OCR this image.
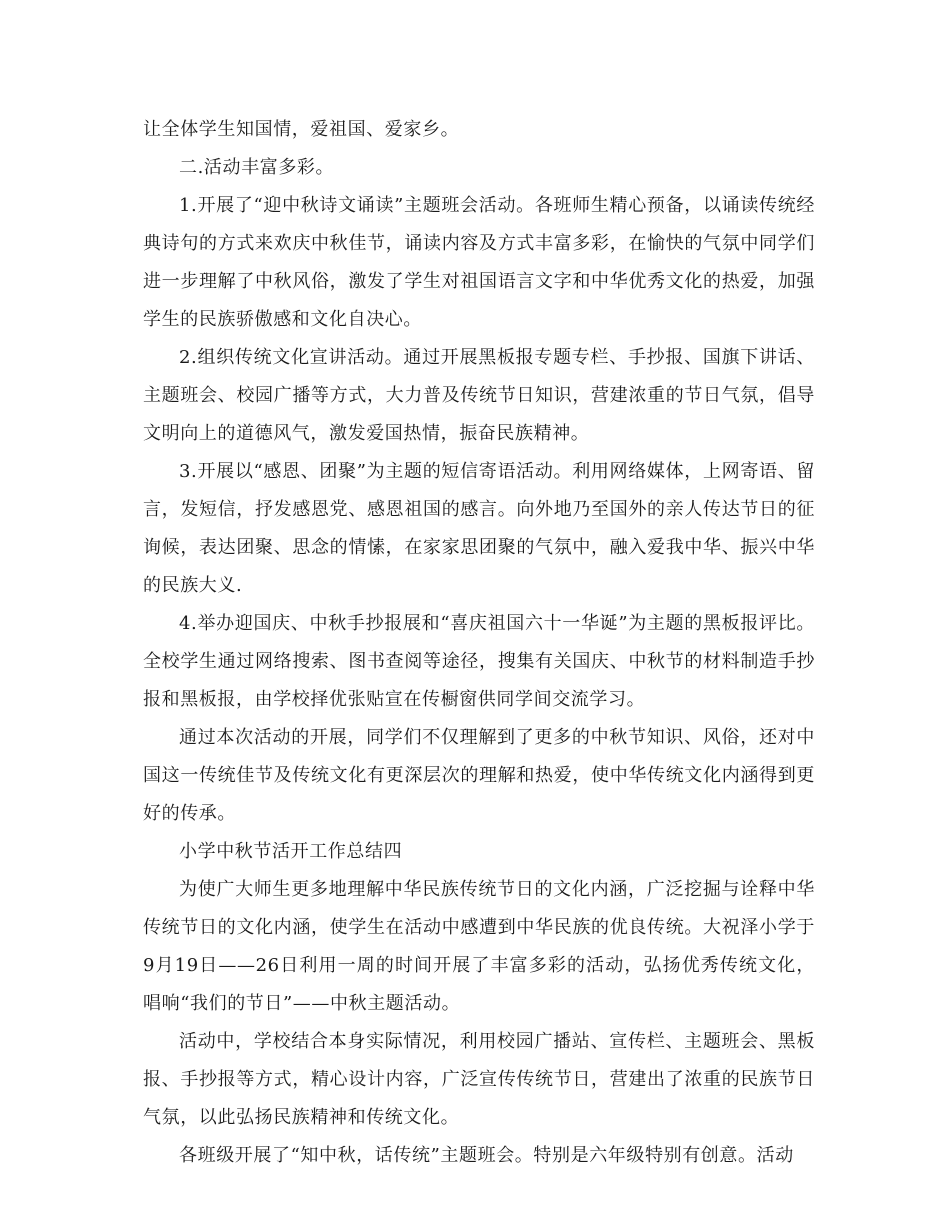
让全体学生知国情，爱祖国、爱家乡。

二.活动丰富多彩。

1.开展了“迎中秋诗文诵读”主题班会活动。各班师生精心预备，以诵读传统经典诗句的方式来欢庆中秋佳节，诵读内容及方式丰富多彩，在愉快的气氛中同学们进一步理解了中秋风俗，激发了学生对祖国语言文字和中华优秀文化的热爱，加强学生的民族骄傲感和文化自决心。

2.组织传统文化宣讲活动。通过开展黑板报专题专栏、手抄报、国旗下讲话、主题班会、校园广播等方式，大力普及传统节日知识，营建浓重的节日气氛，倡导文明向上的道德风气，激发爱国热情，振奋民族精神。

3.开展以“感恩、团聚”为主题的短信寄语活动。利用网络媒体，上网寄语、留言，发短信，抒发感恩党、感恩祖国的感言。向外地乃至国外的亲人传达节日的征询候，表达团聚、思念的情愫，在家家思团聚的气氛中，融入爱我中华、振兴中华的民族大义.

4.举办迎国庆、中秋手抄报展和“喜庆祖国六十一华诞”为主题的黑板报评比。全校学生通过网络搜索、图书查阅等途径，搜集有关国庆、中秋节的材料制造手抄报和黑板报，由学校择优张贴宣在传橱窗供同学间交流学习。

通过本次活动的开展，同学们不仅理解到了更多的中秋节知识、风俗，还对中国这一传统佳节及传统文化有更深层次的理解和热爱，使中华传统文化内涵得到更好的传承。

小学中秋节活开工作总结四

为使广大师生更多地理解中华民族传统节日的文化内涵，广泛挖掘与诠释中华传统节日的文化内涵，使学生在活动中感遭到中华民族的优良传统。大祝泽小学于9月19日——26日利用一周的时间开展了丰富多彩的活动，弘扬优秀传统文化，唱响“我们的节日”——中秋主题活动。

活动中，学校结合本身实际情况，利用校园广播站、宣传栏、主题班会、黑板报、手抄报等方式，精心设计内容，广泛宣传传统节日，营建出了浓重的民族节日气氛，以此弘扬民族精神和传统文化。

各班级开展了“知中秋，话传统”主题班会。特别是六年级特别有创意。活动
